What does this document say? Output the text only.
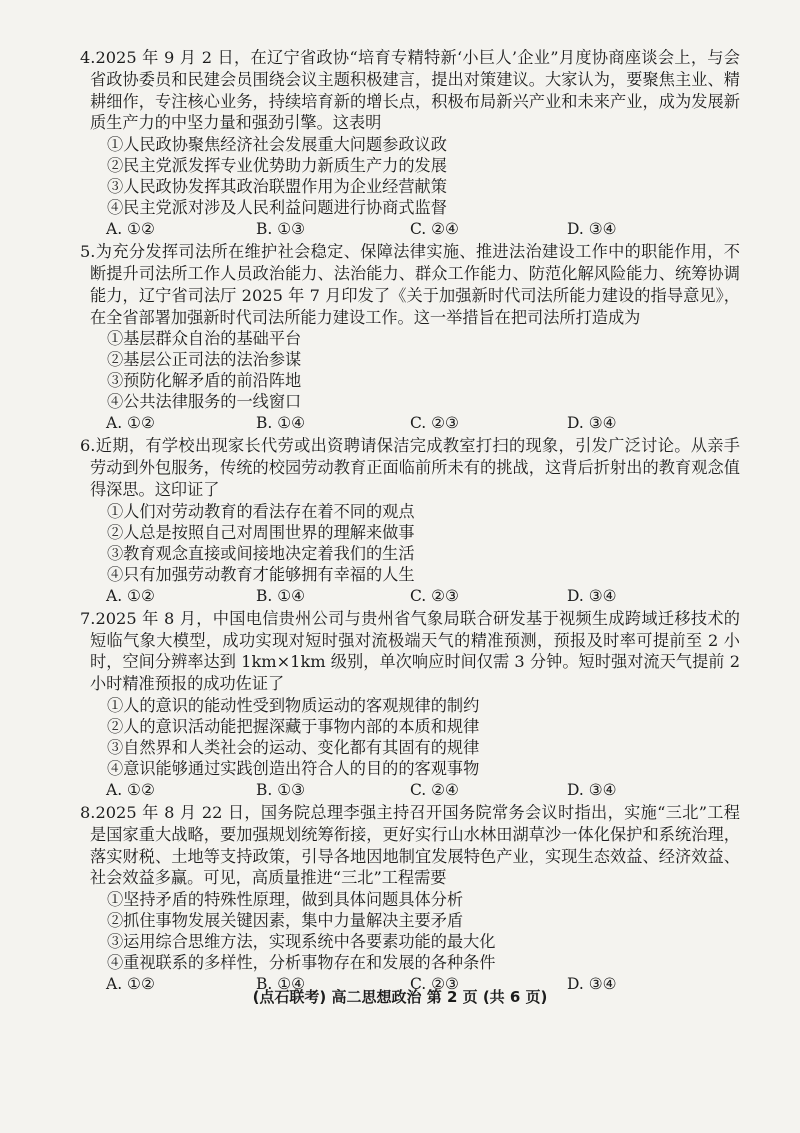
4.2025 年 9 月 2 日，在辽宁省政协“培育专精特新‘小巨人’企业”月度协商座谈会上，与会省政协委员和民建会员围绕会议主题积极建言，提出对策建议。大家认为，要聚焦主业、精耕细作，专注核心业务，持续培育新的增长点，积极布局新兴产业和未来产业，成为发展新质生产力的中坚力量和强劲引擎。这表明

①人民政协聚焦经济社会发展重大问题参政议政

②民主党派发挥专业优势助力新质生产力的发展

③人民政协发挥其政治联盟作用为企业经营献策

④民主党派对涉及人民利益问题进行协商式监督

A. ①②	B. ①③	C. ②④	D. ③④

5.为充分发挥司法所在维护社会稳定、保障法律实施、推进法治建设工作中的职能作用，不断提升司法所工作人员政治能力、法治能力、群众工作能力、防范化解风险能力、统筹协调能力，辽宁省司法厅 2025 年 7 月印发了《关于加强新时代司法所能力建设的指导意见》，在全省部署加强新时代司法所能力建设工作。这一举措旨在把司法所打造成为

①基层群众自治的基础平台

②基层公正司法的法治参谋

③预防化解矛盾的前沿阵地

④公共法律服务的一线窗口

A. ①②	B. ①④	C. ②③	D. ③④

6.近期，有学校出现家长代劳或出资聘请保洁完成教室打扫的现象，引发广泛讨论。从亲手劳动到外包服务，传统的校园劳动教育正面临前所未有的挑战，这背后折射出的教育观念值得深思。这印证了

①人们对劳动教育的看法存在着不同的观点

②人总是按照自己对周围世界的理解来做事

③教育观念直接或间接地决定着我们的生活

④只有加强劳动教育才能够拥有幸福的人生

A. ①②	B. ①④	C. ②③	D. ③④

7.2025 年 8 月，中国电信贵州公司与贵州省气象局联合研发基于视频生成跨域迁移技术的短临气象大模型，成功实现对短时强对流极端天气的精准预测，预报及时率可提前至 2 小时，空间分辨率达到 1km×1km 级别，单次响应时间仅需 3 分钟。短时强对流天气提前 2 小时精准预报的成功佐证了

①人的意识的能动性受到物质运动的客观规律的制约

②人的意识活动能把握深藏于事物内部的本质和规律

③自然界和人类社会的运动、变化都有其固有的规律

④意识能够通过实践创造出符合人的目的的客观事物

A. ①②	B. ①③	C. ②④	D. ③④

8.2025 年 8 月 22 日，国务院总理李强主持召开国务院常务会议时指出，实施“三北”工程是国家重大战略，要加强规划统筹衔接，更好实行山水林田湖草沙一体化保护和系统治理，落实财税、土地等支持政策，引导各地因地制宜发展特色产业，实现生态效益、经济效益、社会效益多赢。可见，高质量推进“三北”工程需要

①坚持矛盾的特殊性原理，做到具体问题具体分析

②抓住事物发展关键因素，集中力量解决主要矛盾

③运用综合思维方法，实现系统中各要素功能的最大化

④重视联系的多样性，分析事物存在和发展的各种条件

A. ①②	B. ①④	C. ②③	D. ③④
(点石联考) 高二思想政治 第 2 页 (共 6 页)
